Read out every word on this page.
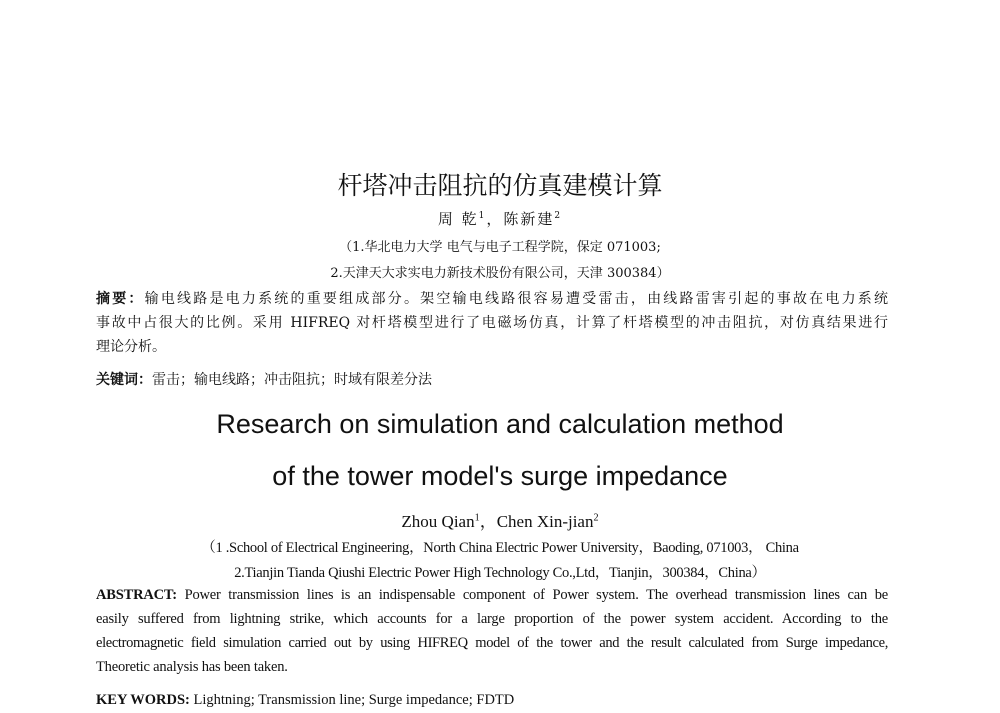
杆塔冲击阻抗的仿真建模计算
周 乾$^1$，陈新建$^2$
（1.华北电力大学 电气与电子工程学院，保定 071003;
2.天津天大求实电力新技术股份有限公司，天津 300384）
摘要：输电线路是电力系统的重要组成部分。架空输电线路很容易遭受雷击，由线路雷害引起的事故在电力系统
事故中占很大的比例。采用 HIFREQ 对杆塔模型进行了电磁场仿真，计算了杆塔模型的冲击阻抗，对仿真结果进行
理论分析。
关键词：雷击；输电线路；冲击阻抗；时域有限差分法
Research on simulation and calculation method
of the tower model's surge impedance
Zhou Qian$^1$，Chen Xin-jian$^2$
（1 .School of Electrical Engineering，North China Electric Power University，Baoding, 071003， China
2.Tianjin Tianda Qiushi Electric Power High Technology Co.,Ltd，Tianjin，300384，China）
ABSTRACT: Power transmission lines is an indispensable component of Power system. The overhead transmission lines can be
easily suffered from lightning strike, which accounts for a large proportion of the power system accident. According to the
electromagnetic field simulation carried out by using HIFREQ model of the tower and the result calculated from Surge impedance,
Theoretic analysis has been taken.
KEY WORDS: Lightning; Transmission line; Surge impedance; FDTD
